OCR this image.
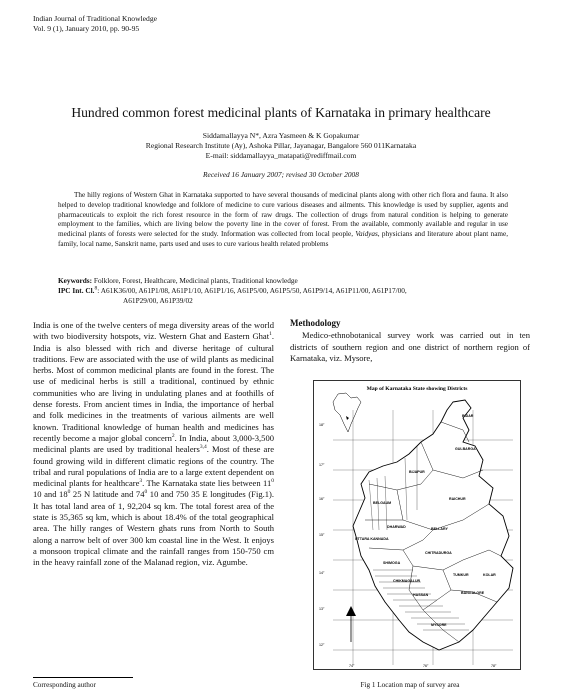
Indian Journal of Traditional Knowledge
Vol. 9 (1), January 2010, pp. 90-95
Hundred common forest medicinal plants of Karnataka in primary healthcare
Siddamallayya N*, Azra Yasmeen & K Gopakumar
Regional Research Institute (Ay), Ashoka Pillar, Jayanagar, Bangalore 560 011Karnataka
E-mail: siddamallayya_matapati@rediffmail.com
Received 16 January 2007; revised 30 October 2008
The hilly regions of Western Ghat in Karnataka supported to have several thousands of medicinal plants along with other rich flora and fauna. It also helped to develop traditional knowledge and folklore of medicine to cure various diseases and ailments. This knowledge is used by supplier, agents and pharmaceuticals to exploit the rich forest resource in the form of raw drugs. The collection of drugs from natural condition is helping to generate employment to the families, which are living below the poverty line in the cover of forest. From the available, commonly available and regular in use medicinal plants of forests were selected for the study. Information was collected from local people, Vaidyas, physicians and literature about plant name, family, local name, Sanskrit name, parts used and uses to cure various health related problems
Keywords: Folklore, Forest, Healthcare, Medicinal plants, Traditional knowledge
IPC Int. Cl.$^8$: A61K36/00, A61P1/08, A61P1/10, A61P1/16, A61P5/00, A61P5/50, A61P9/14, A61P11/00, A61P17/00,
A61P29/00, A61P39/02
India is one of the twelve centers of mega diversity areas of the world with two biodiversity hotspots, viz. Western Ghat and Eastern Ghat$^1$. India is also blessed with rich and diverse heritage of cultural traditions. Few are associated with the use of wild plants as medicinal herbs. Most of common medicinal plants are found in the forest. The use of medicinal herbs is still a traditional, continued by ethnic communities who are living in undulating planes and at foothills of dense forests. From ancient times in India, the importance of herbal and folk medicines in the treatments of various ailments are well known. Traditional knowledge of human health and medicines has recently become a major global concern$^2$. In India, about 3,000-3,500 medicinal plants are used by traditional healers$^{3,4}$. Most of these are found growing wild in different climatic regions of the country. The tribal and rural populations of India are to a large extent dependent on medicinal plants for healthcare$^3$. The Karnataka state lies between $11^0$ 10 and $18^0$ 25 N latitude and $74^0$ 10 and 750 35 E longitudes (Fig.1). It has total land area of 1, 92,204 sq km. The total forest area of the state is 35,365 sq km, which is about 18.4% of the total geographical area. The hilly ranges of Western ghats runs from North to South along a narrow belt of over 300 km coastal line in the West. It enjoys a monsoon tropical climate and the rainfall ranges from 150-750 cm in the heavy rainfall zone of the Malanad region, viz. Agumbe.
Methodology
Medico-ethnobotanical survey work was carried out in ten districts of southern region and one district of northern region of Karnataka, viz. Mysore,
Map of Karnataka State showing Districts
BIDAR
GULBARGA
BIJAPUR
RAICHUR
BELGAUM
DHARWAD	BELLARY
UTTARA KANNADA
CHITRADURGA
SHIMOGA
TUMKUR	KOLAR
CHIKMAGALUR
HASSAN	BANGALORE
MYSORE
18°
17°
16°
15°
14°
13°
12°
74°	76°	78°
Fig 1 Location map of survey area
Corresponding author
